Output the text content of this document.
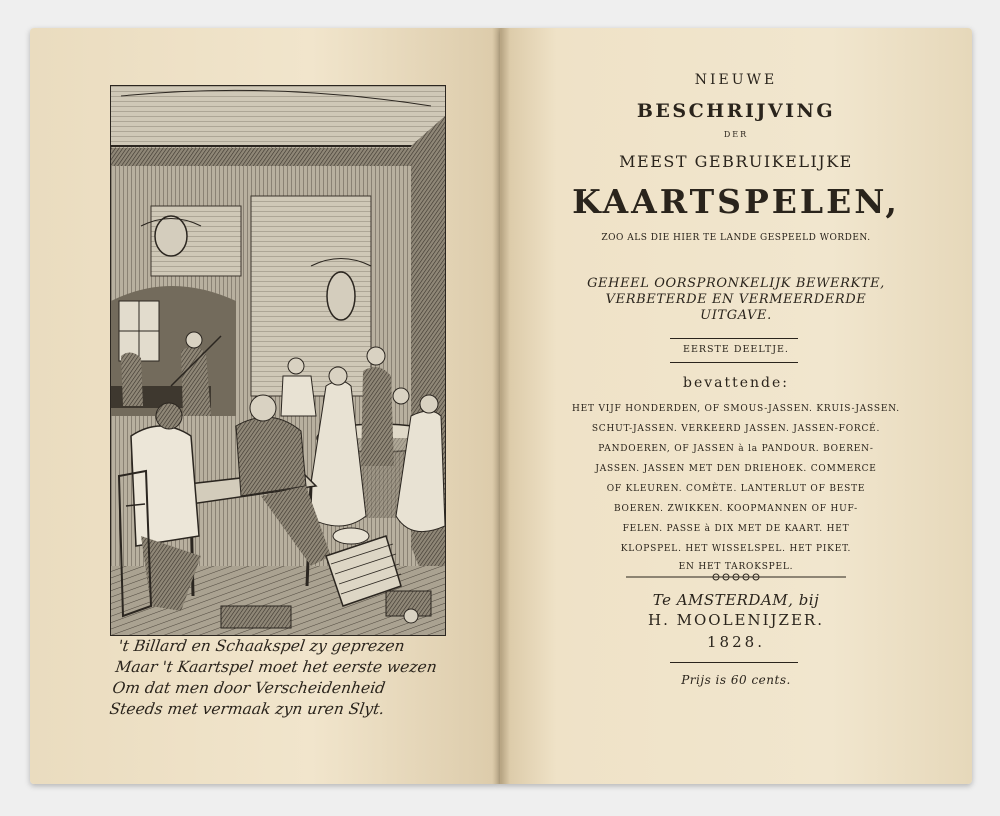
't Billard en Schaakspel zy geprezen
Maar 't Kaartspel moet het eerste wezen
Om dat men door Verscheidenheid
Steeds met vermaak zyn uren Slyt.
NIEUWE
BESCHRIJVING
DER
MEEST GEBRUIKELIJKE
KAARTSPELEN,
ZOO ALS DIE HIER TE LANDE GESPEELD WORDEN.
GEHEEL OORSPRONKELIJK BEWERKTE,
VERBETERDE EN VERMEERDERDE
UITGAVE.
EERSTE DEELTJE.
bevattende:
HET VIJF HONDERDEN, OF SMOUS-JASSEN. KRUIS-JASSEN.
SCHUT-JASSEN. VERKEERD JASSEN. JASSEN-FORCÉ.
PANDOEREN, OF JASSEN à la PANDOUR. BOEREN-
JASSEN. JASSEN MET DEN DRIEHOEK. COMMERCE
OF KLEUREN. COMÈTE. LANTERLUT OF BESTE
BOEREN. ZWIKKEN. KOOPMANNEN OF HUF-
FELEN. PASSE à DIX MET DE KAART. HET
KLOPSPEL. HET WISSELSPEL. HET PIKET.
EN HET TAROKSPEL.
Te AMSTERDAM, bij
H. MOOLENIJZER.
1828.
Prijs is 60 cents.
